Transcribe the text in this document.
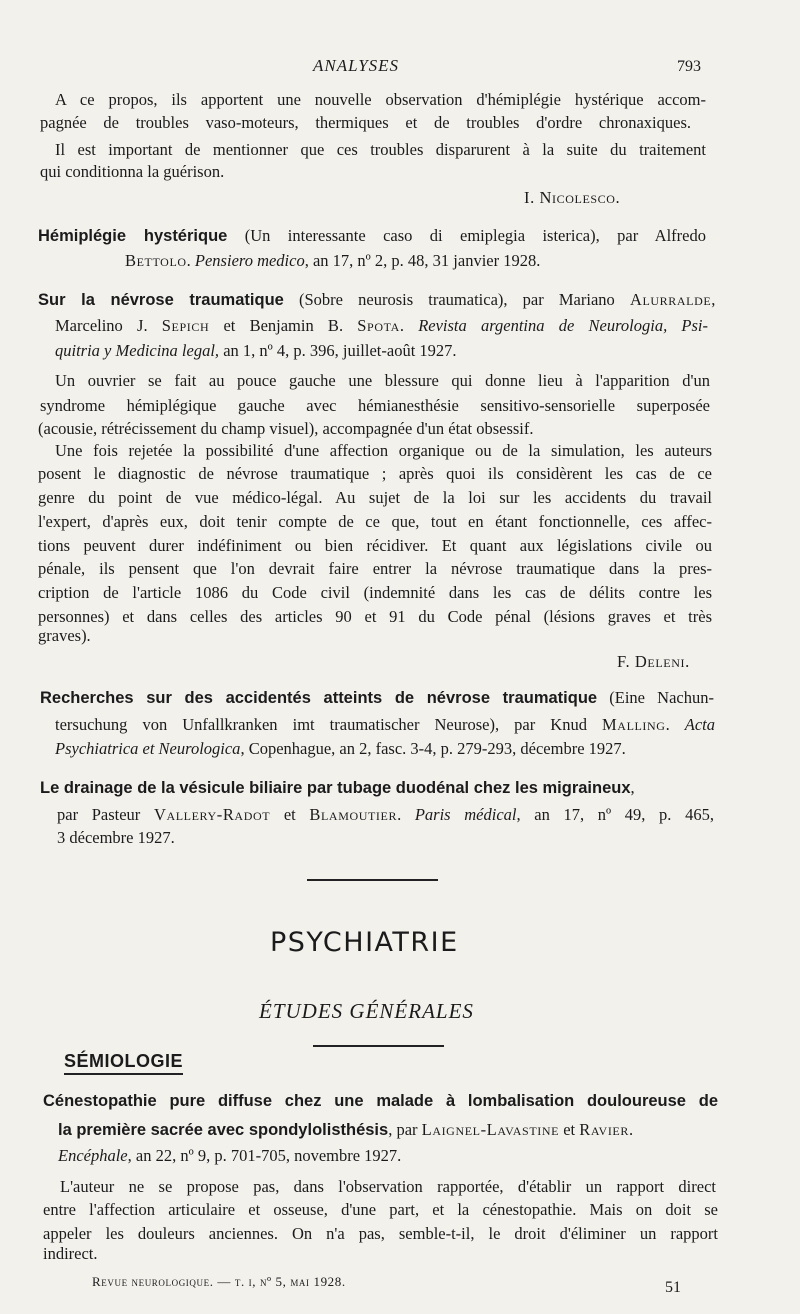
ANALYSES	793
A ce propos, ils apportent une nouvelle observation d'hémiplégie hystérique accom-
pagnée de troubles vaso-moteurs, thermiques et de troubles d'ordre chronaxiques.
Il est important de mentionner que ces troubles disparurent à la suite du traitement
qui conditionna la guérison.
I. Nicolesco.
Hémiplégie hystérique (Un interessante caso di emiplegia isterica), par Alfredo
Bettolo. Pensiero medico, an 17, nº 2, p. 48, 31 janvier 1928.
Sur la névrose traumatique (Sobre neurosis traumatica), par Mariano Alurralde,
Marcelino J. Sepich et Benjamin B. Spota. Revista argentina de Neurologia, Psi-
quitria y Medicina legal, an 1, nº 4, p. 396, juillet-août 1927.
Un ouvrier se fait au pouce gauche une blessure qui donne lieu à l'apparition d'un
syndrome hémiplégique gauche avec hémianesthésie sensitivo-sensorielle superposée
(acousie, rétrécissement du champ visuel), accompagnée d'un état obsessif.
Une fois rejetée la possibilité d'une affection organique ou de la simulation, les auteurs
posent le diagnostic de névrose traumatique ; après quoi ils considèrent les cas de ce
genre du point de vue médico-légal. Au sujet de la loi sur les accidents du travail
l'expert, d'après eux, doit tenir compte de ce que, tout en étant fonctionnelle, ces affec-
tions peuvent durer indéfiniment ou bien récidiver. Et quant aux législations civile ou
pénale, ils pensent que l'on devrait faire entrer la névrose traumatique dans la pres-
cription de l'article 1086 du Code civil (indemnité dans les cas de délits contre les
personnes) et dans celles des articles 90 et 91 du Code pénal (lésions graves et très
graves).
F. Deleni.
Recherches sur des accidentés atteints de névrose traumatique (Eine Nachun-
tersuchung von Unfallkranken imt traumatischer Neurose), par Knud Malling. Acta
Psychiatrica et Neurologica, Copenhague, an 2, fasc. 3-4, p. 279-293, décembre 1927.
Le drainage de la vésicule biliaire par tubage duodénal chez les migraineux,
par Pasteur Vallery-Radot et Blamoutier. Paris médical, an 17, nº 49, p. 465,
3 décembre 1927.
PSYCHIATRIE
ÉTUDES GÉNÉRALES
SÉMIOLOGIE
Cénestopathie pure diffuse chez une malade à lombalisation douloureuse de
la première sacrée avec spondylolisthésis, par Laignel-Lavastine et Ravier.
Encéphale, an 22, nº 9, p. 701-705, novembre 1927.
L'auteur ne se propose pas, dans l'observation rapportée, d'établir un rapport direct
entre l'affection articulaire et osseuse, d'une part, et la cénestopathie. Mais on doit se
appeler les douleurs anciennes. On n'a pas, semble-t-il, le droit d'éliminer un rapport
indirect.
Revue neurologique. — t. i, nº 5, mai 1928.	51
